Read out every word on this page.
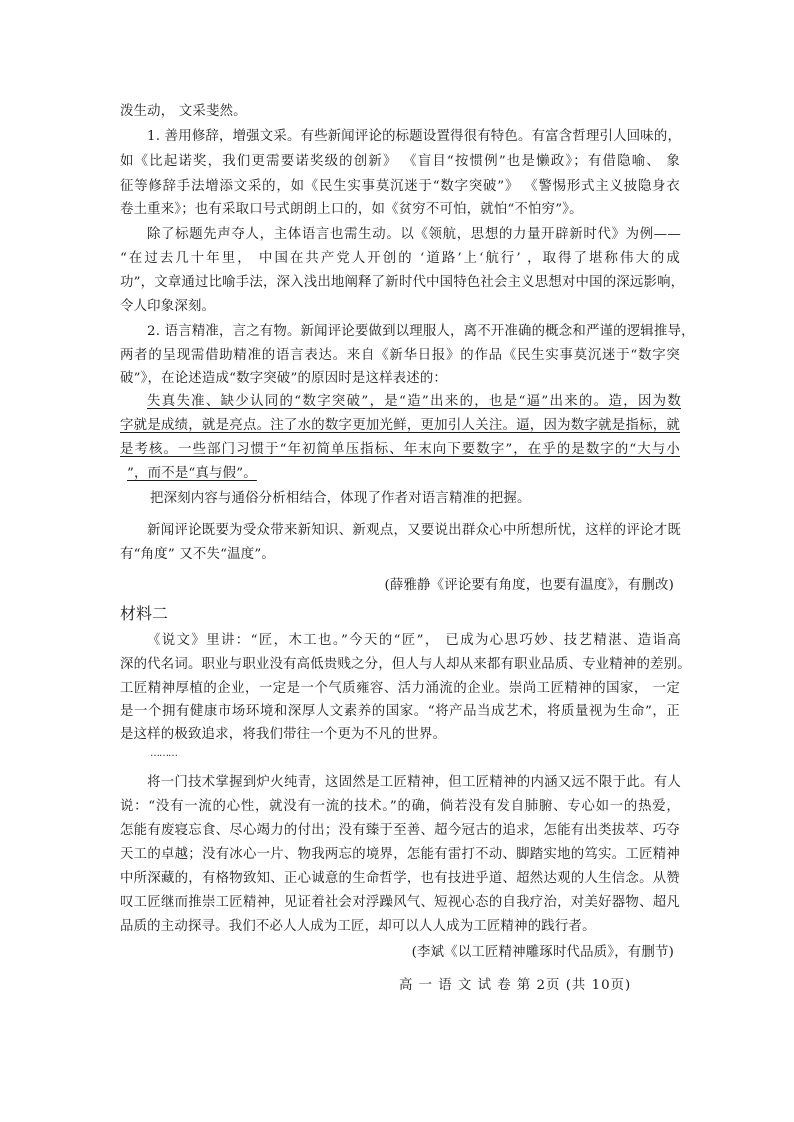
泼生动， 文采斐然。
1. 善用修辞，增强文采。有些新闻评论的标题设置得很有特色。有富含哲理引人回味的，
如《比起诺奖，我们更需要诺奖级的创新》 《盲目“按惯例”也是懒政》；有借隐喻、 象
征等修辞手法增添文采的，如《民生实事莫沉迷于“数字突破”》 《警惕形式主义披隐身衣
卷土重来》；也有采取口号式朗朗上口的，如《贫穷不可怕，就怕“不怕穷”》。
除了标题先声夺人，主体语言也需生动。以《领航，思想的力量开辟新时代》为例——
“在过去几十年里， 中国在共产党人开创的 ‘道路’上‘航行’ ，取得了堪称伟大的成
功”，文章通过比喻手法，深入浅出地阐释了新时代中国特色社会主义思想对中国的深远影响，
令人印象深刻。
2. 语言精准，言之有物。新闻评论要做到以理服人，离不开准确的概念和严谨的逻辑推导，
两者的呈现需借助精准的语言表达。来自《新华日报》的作品《民生实事莫沉迷于“数字突
破”》，在论述造成“数字突破”的原因时是这样表述的：
失真失准、缺少认同的“数字突破”，是“造”出来的，也是“逼”出来的。造，因为数
字就是成绩，就是亮点。注了水的数字更加光鲜，更加引人关注。逼，因为数字就是指标，就
是考核。一些部门习惯于“年初简单压指标、年末向下要数字”，在乎的是数字的“大与小
”，而不是“真与假”。
把深刻内容与通俗分析相结合，体现了作者对语言精准的把握。
新闻评论既要为受众带来新知识、新观点，又要说出群众心中所想所忧，这样的评论才既
有“角度” 又不失“温度”。
(薛雅静《评论要有角度，也要有温度》，有删改)
材料二
《说文》里讲：“匠，木工也。”今天的“匠”， 已成为心思巧妙、技艺精湛、造诣高
深的代名词。职业与职业没有高低贵贱之分，但人与人却从来都有职业品质、专业精神的差别。
工匠精神厚植的企业，一定是一个气质雍容、活力涌流的企业。崇尚工匠精神的国家， 一定
是一个拥有健康市场环境和深厚人文素养的国家。“将产品当成艺术，将质量视为生命”，正
是这样的极致追求，将我们带往一个更为不凡的世界。
………
将一门技术掌握到炉火纯青，这固然是工匠精神，但工匠精神的内涵又远不限于此。有人
说：“没有一流的心性，就没有一流的技术。”的确，倘若没有发自肺腑、专心如一的热爱，
怎能有废寝忘食、尽心竭力的付出；没有臻于至善、超今冠古的追求，怎能有出类拔萃、巧夺
天工的卓越；没有冰心一片、物我两忘的境界，怎能有雷打不动、脚踏实地的笃实。工匠精神
中所深藏的，有格物致知、正心诚意的生命哲学，也有技进乎道、超然达观的人生信念。从赞
叹工匠继而推崇工匠精神，见证着社会对浮躁风气、短视心态的自我疗治，对美好器物、超凡
品质的主动探寻。我们不必人人成为工匠，却可以人人成为工匠精神的践行者。
(李斌《以工匠精神雕琢时代品质》，有删节)
高 一 语 文 试 卷 第 2页 (共 10页)
